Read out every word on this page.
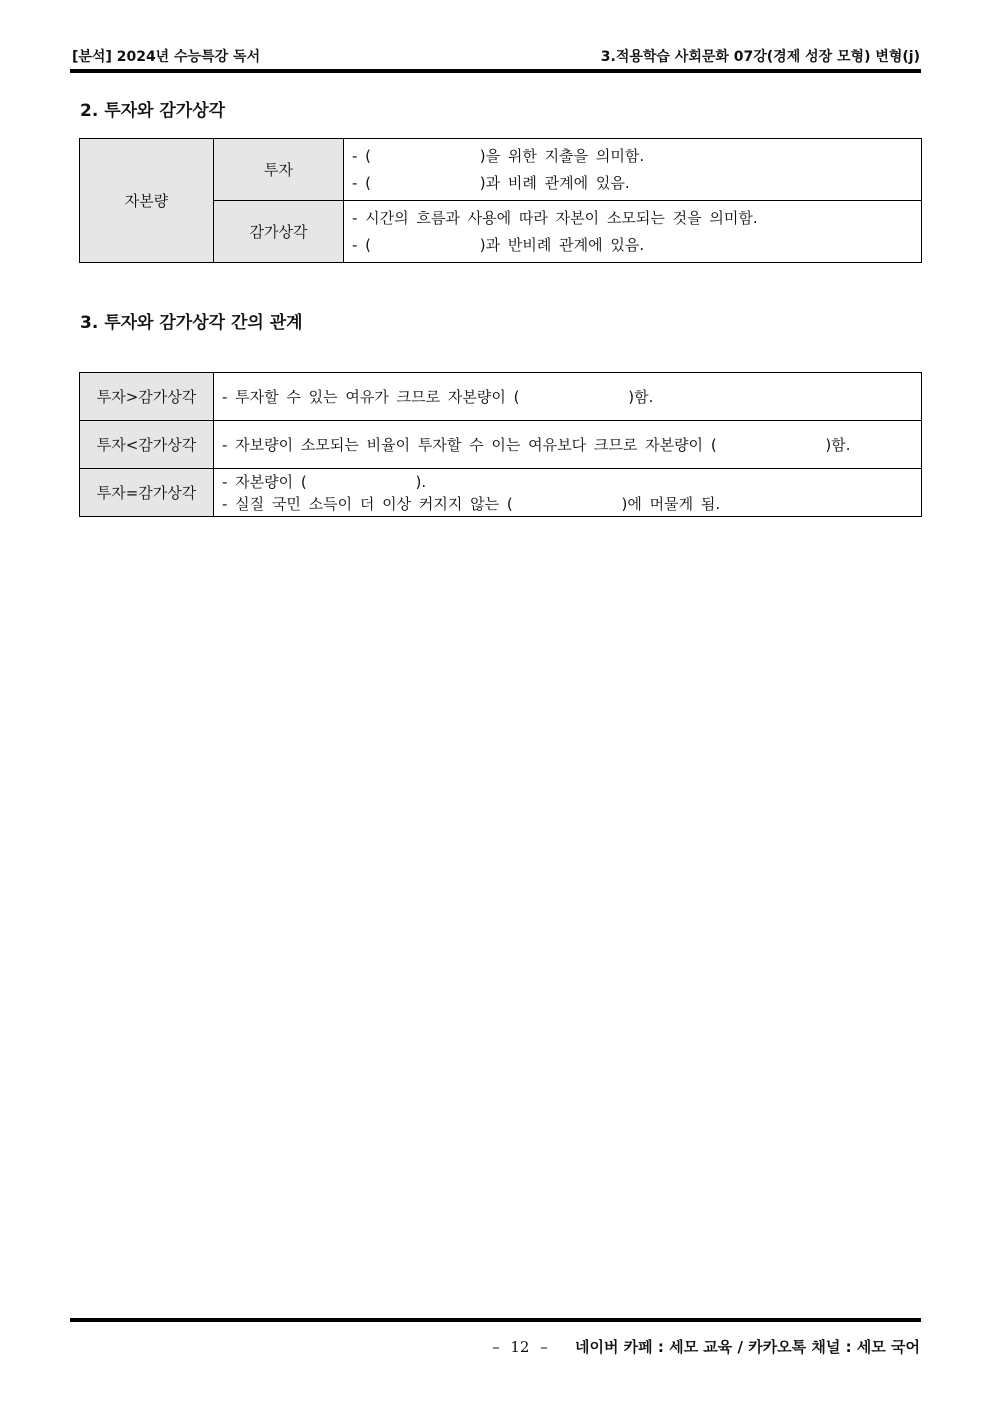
[분석] 2024년 수능특강 독서	3.적용학습 사회문화 07강(경제 성장 모형) 변형(j)
2. 투자와 감가상각
자본량	투자	- (              )을 위한 지출을 의미함.
- (              )과 비례 관계에 있음.

	감가상각	- 시간의 흐름과 사용에 따라 자본이 소모되는 것을 의미함.
- (              )과 반비례 관계에 있음.
3. 투자와 감가상각 간의 관계
투자>감가상각	- 투자할 수 있는 여유가 크므로 자본량이 (              )함.

투자<감가상각	- 자보량이 소모되는 비율이 투자할 수 이는 여유보다 크므로 자본량이 (              )함.

투자=감가상각	- 자본량이 (              ).
- 실질 국민 소득이 더 이상 커지지 않는 (              )에 머물게 됨.
– 12 – 네이버 카페 : 세모 교육 / 카카오톡 채널 : 세모 국어
